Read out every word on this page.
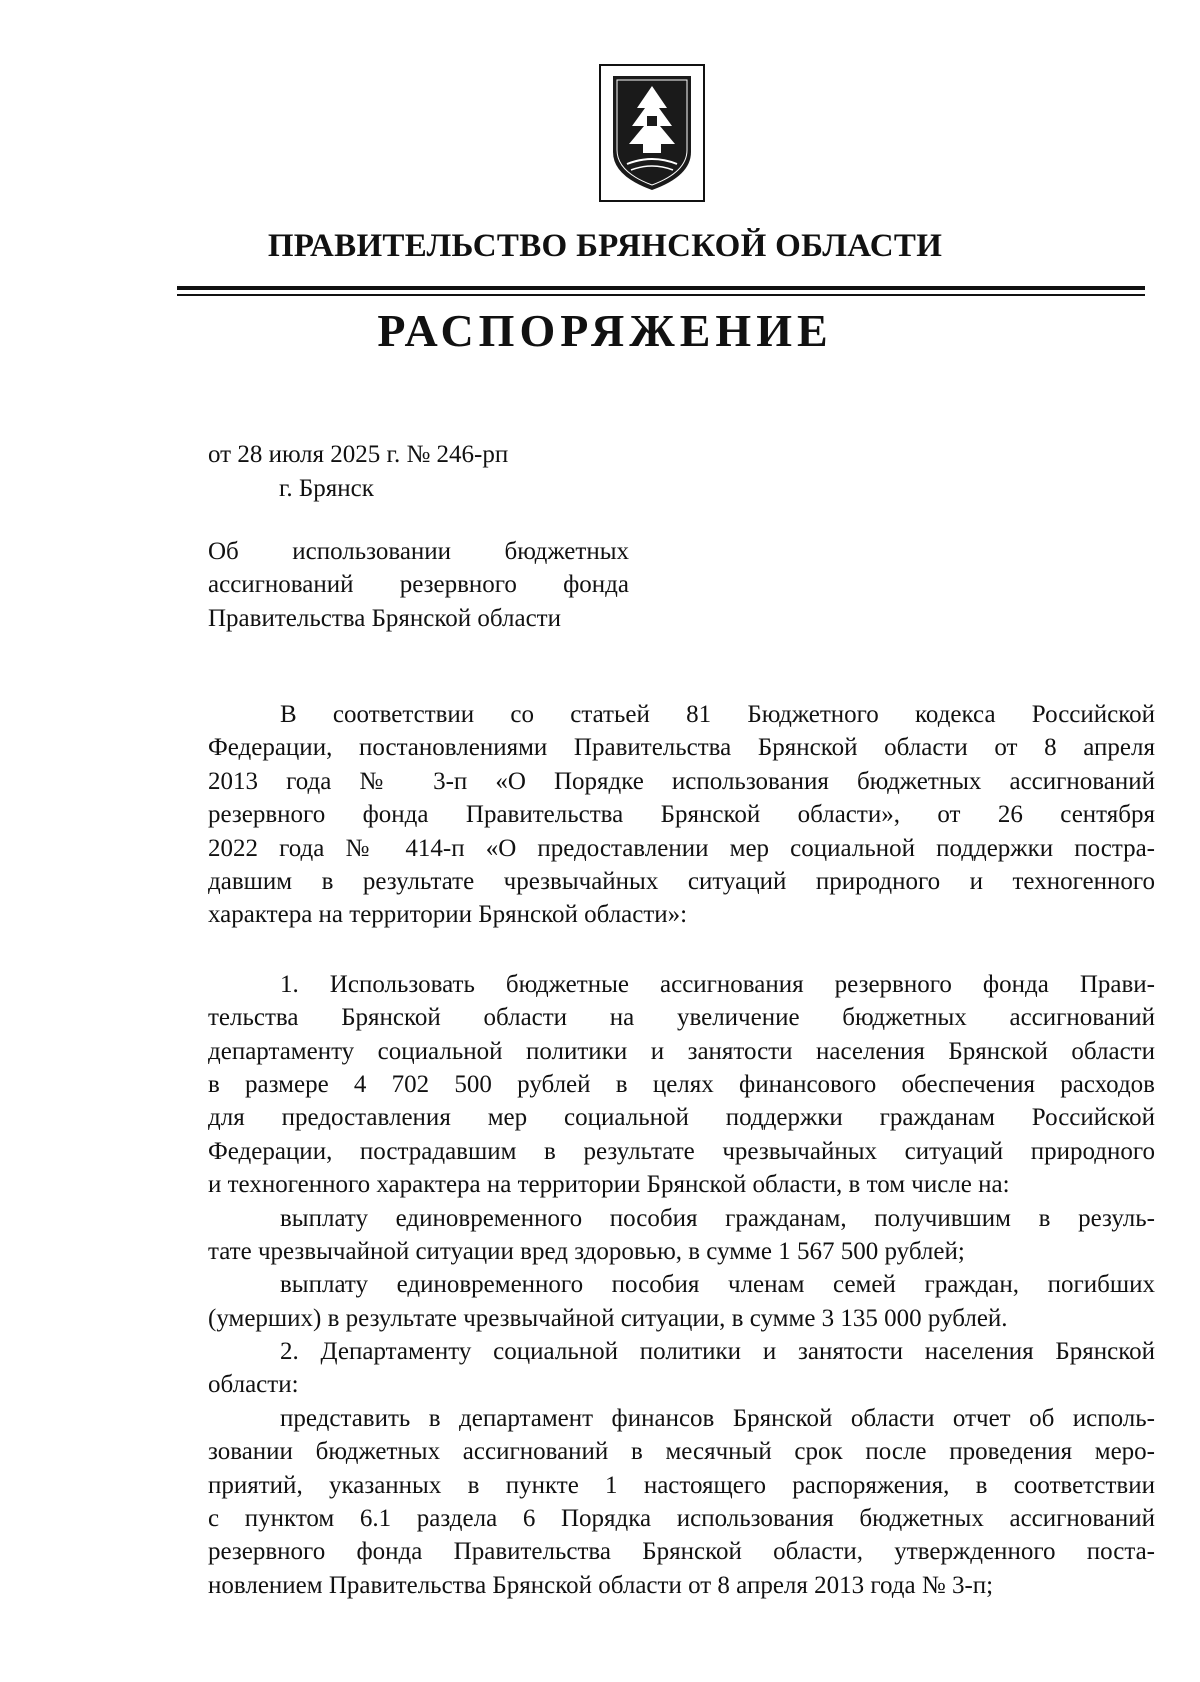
ПРАВИТЕЛЬСТВО БРЯНСКОЙ ОБЛАСТИ
РАСПОРЯЖЕНИЕ
от 28 июля 2025 г. № 246-рп
г. Брянск
Об использовании бюджетных
ассигнований резервного фонда
Правительства Брянской области
В соответствии со статьей 81 Бюджетного кодекса Российской
Федерации, постановлениями Правительства Брянской области от 8 апреля
2013 года № 3-п «О Порядке использования бюджетных ассигнований
резервного фонда Правительства Брянской области», от 26 сентября
2022 года № 414-п «О предоставлении мер социальной поддержки постра-
давшим в результате чрезвычайных ситуаций природного и техногенного
характера на территории Брянской области»:
1. Использовать бюджетные ассигнования резервного фонда Прави-
тельства Брянской области на увеличение бюджетных ассигнований
департаменту социальной политики и занятости населения Брянской области
в размере 4 702 500 рублей в целях финансового обеспечения расходов
для предоставления мер социальной поддержки гражданам Российской
Федерации, пострадавшим в результате чрезвычайных ситуаций природного
и техногенного характера на территории Брянской области, в том числе на:
выплату единовременного пособия гражданам, получившим в резуль-
тате чрезвычайной ситуации вред здоровью, в сумме 1 567 500 рублей;
выплату единовременного пособия членам семей граждан, погибших
(умерших) в результате чрезвычайной ситуации, в сумме 3 135 000 рублей.
2. Департаменту социальной политики и занятости населения Брянской
области:
представить в департамент финансов Брянской области отчет об исполь-
зовании бюджетных ассигнований в месячный срок после проведения меро-
приятий, указанных в пункте 1 настоящего распоряжения, в соответствии
с пунктом 6.1 раздела 6 Порядка использования бюджетных ассигнований
резервного фонда Правительства Брянской области, утвержденного поста-
новлением Правительства Брянской области от 8 апреля 2013 года № 3-п;
